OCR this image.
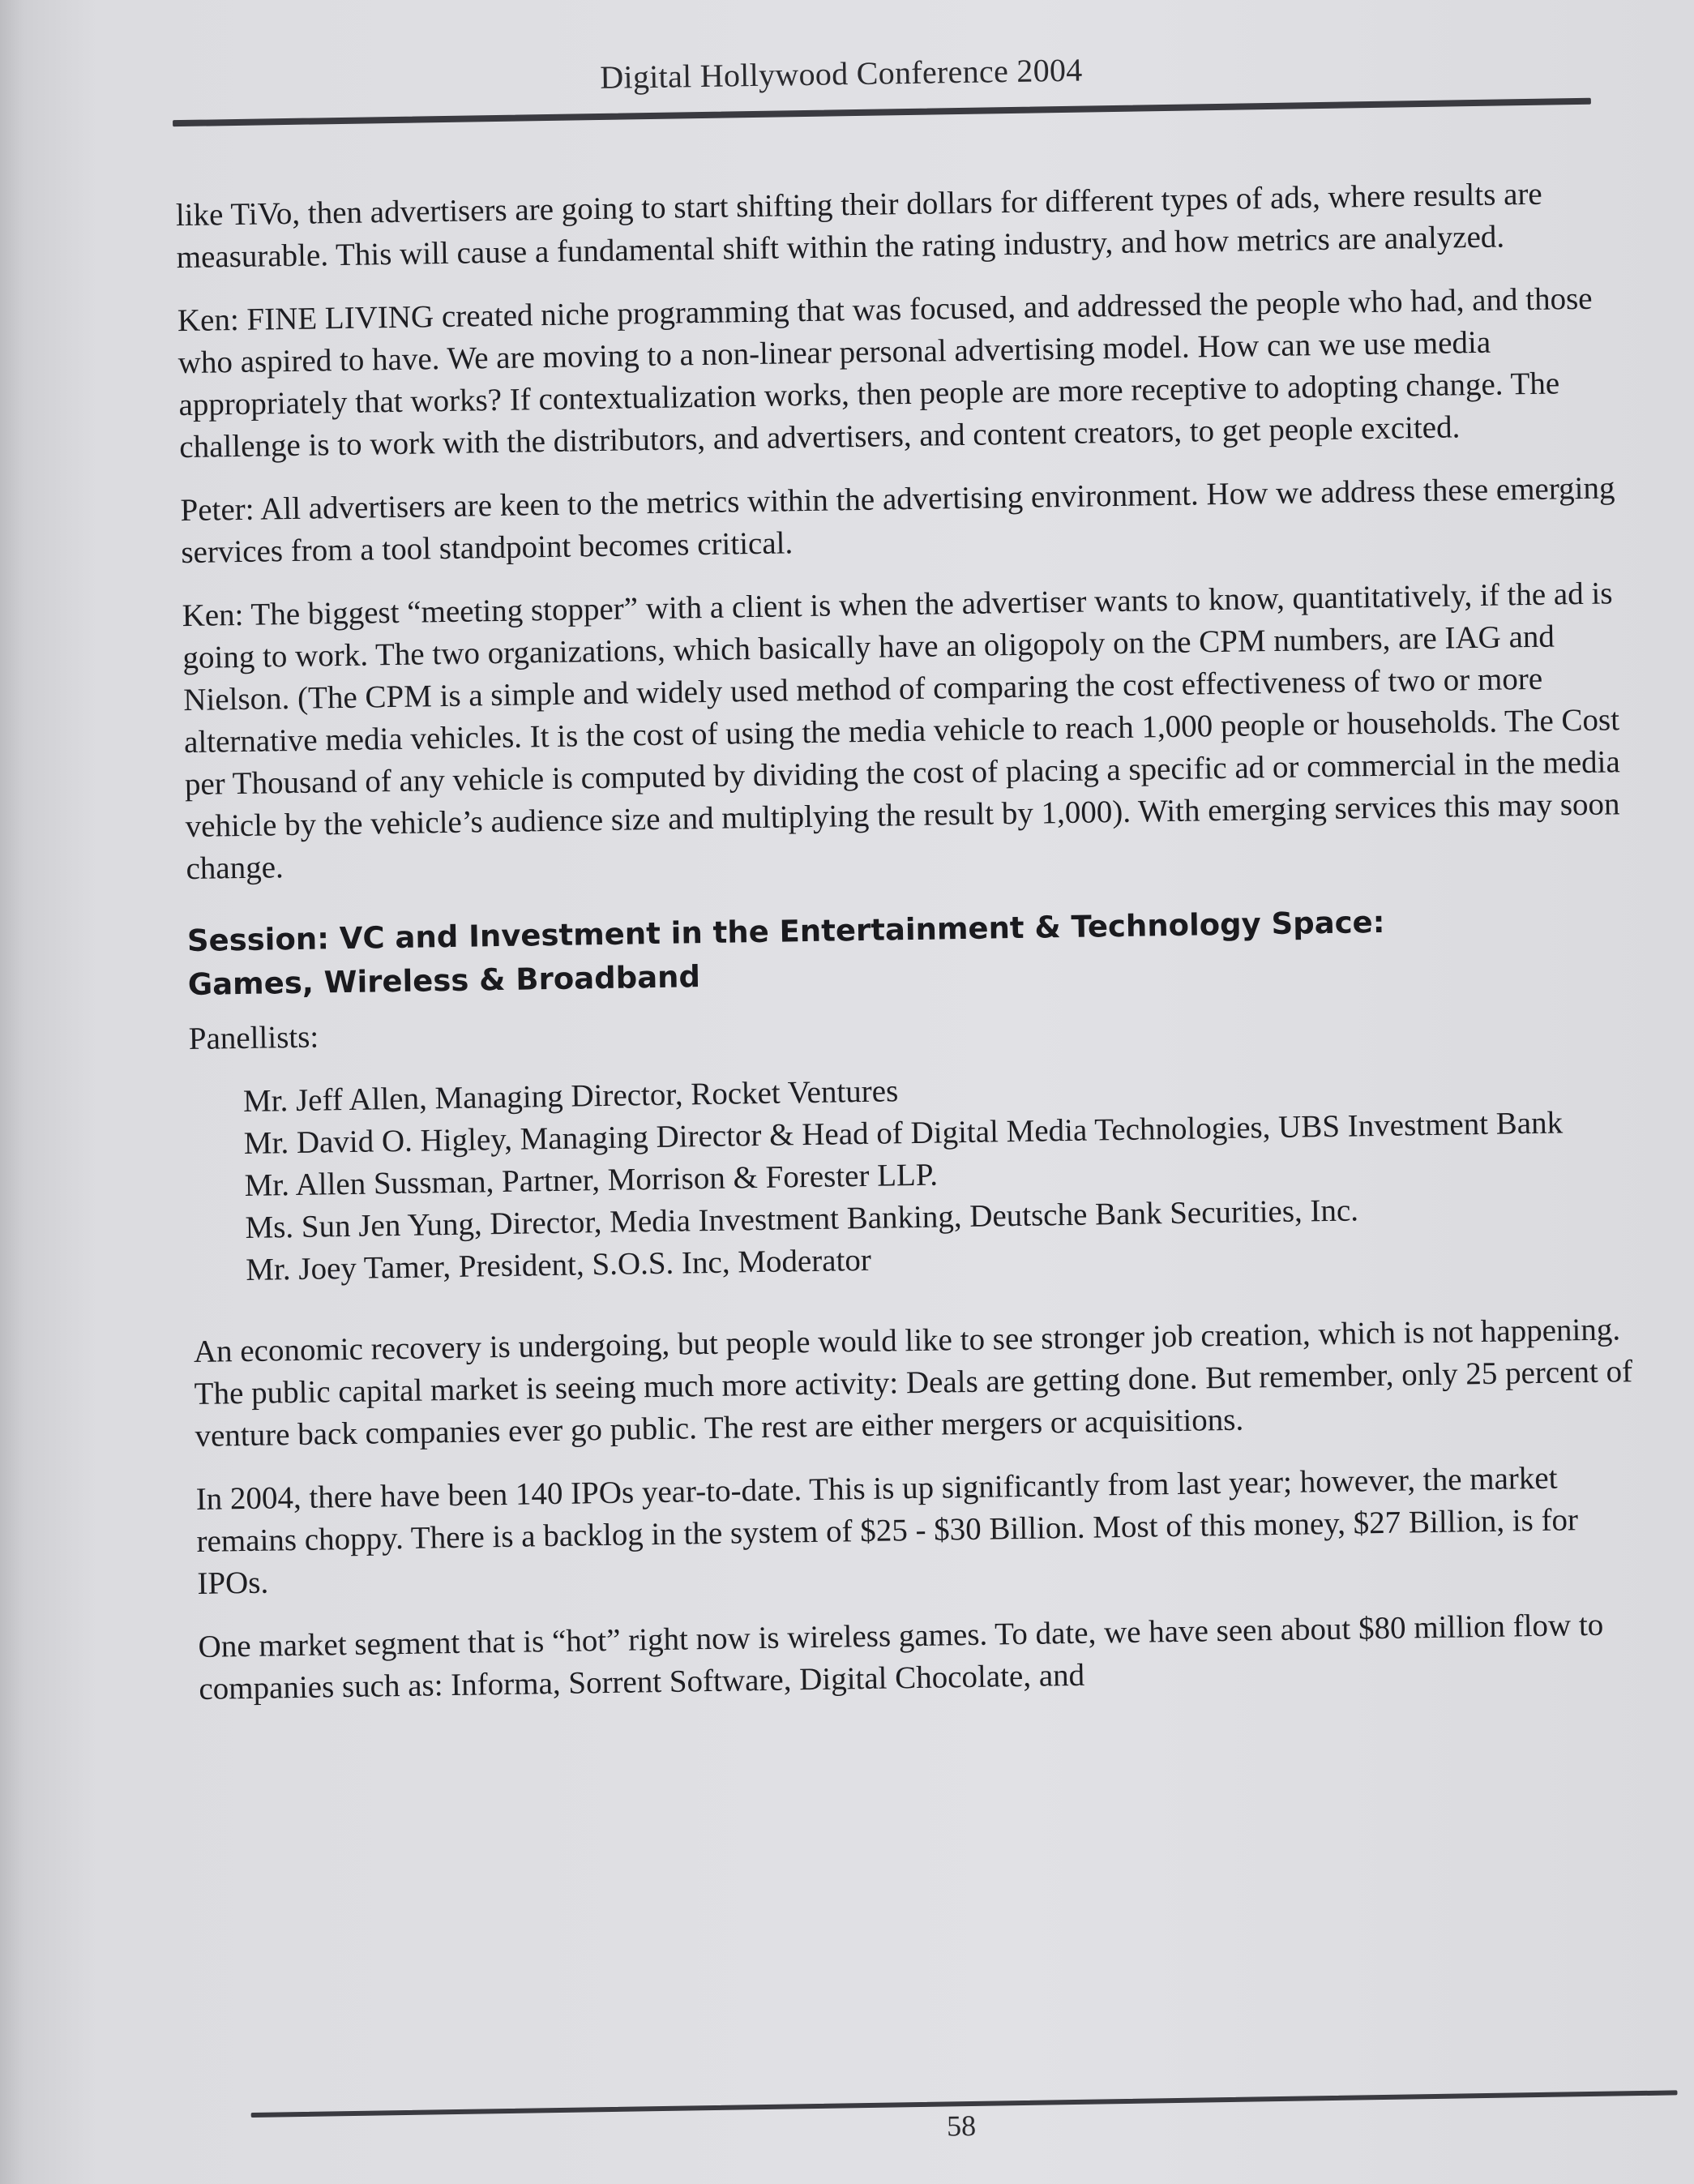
Digital Hollywood Conference 2004

like TiVo, then advertisers are going to start shifting their dollars for different types of ads, where results are measurable. This will cause a fundamental shift within the rating industry, and how metrics are analyzed.

Ken: FINE LIVING created niche programming that was focused, and addressed the people who had, and those who aspired to have. We are moving to a non-linear personal advertising model. How can we use media appropriately that works? If contextualization works, then people are more receptive to adopting change. The challenge is to work with the distributors, and advertisers, and content creators, to get people excited.

Peter: All advertisers are keen to the metrics within the advertising environment. How we address these emerging services from a tool standpoint becomes critical.

Ken: The biggest “meeting stopper” with a client is when the advertiser wants to know, quantitatively, if the ad is going to work. The two organizations, which basically have an oligopoly on the CPM numbers, are IAG and Nielson. (The CPM is a simple and widely used method of comparing the cost effectiveness of two or more alternative media vehicles. It is the cost of using the media vehicle to reach 1,000 people or households. The Cost per Thousand of any vehicle is computed by dividing the cost of placing a specific ad or commercial in the media vehicle by the vehicle’s audience size and multiplying the result by 1,000). With emerging services this may soon change.

Session: VC and Investment in the Entertainment & Technology Space:
Games, Wireless & Broadband

Panellists:

Mr. Jeff Allen, Managing Director, Rocket Ventures
Mr. David O. Higley, Managing Director & Head of Digital Media Technologies, UBS Investment Bank
Mr. Allen Sussman, Partner, Morrison & Forester LLP.
Ms. Sun Jen Yung, Director, Media Investment Banking, Deutsche Bank Securities, Inc.
Mr. Joey Tamer, President, S.O.S. Inc, Moderator

An economic recovery is undergoing, but people would like to see stronger job creation, which is not happening. The public capital market is seeing much more activity: Deals are getting done. But remember, only 25 percent of venture back companies ever go public. The rest are either mergers or acquisitions.

In 2004, there have been 140 IPOs year-to-date. This is up significantly from last year; however, the market remains choppy. There is a backlog in the system of $25 - $30 Billion. Most of this money, $27 Billion, is for IPOs.

One market segment that is “hot” right now is wireless games. To date, we have seen about $80 million flow to companies such as: Informa, Sorrent Software, Digital Chocolate, and

58
